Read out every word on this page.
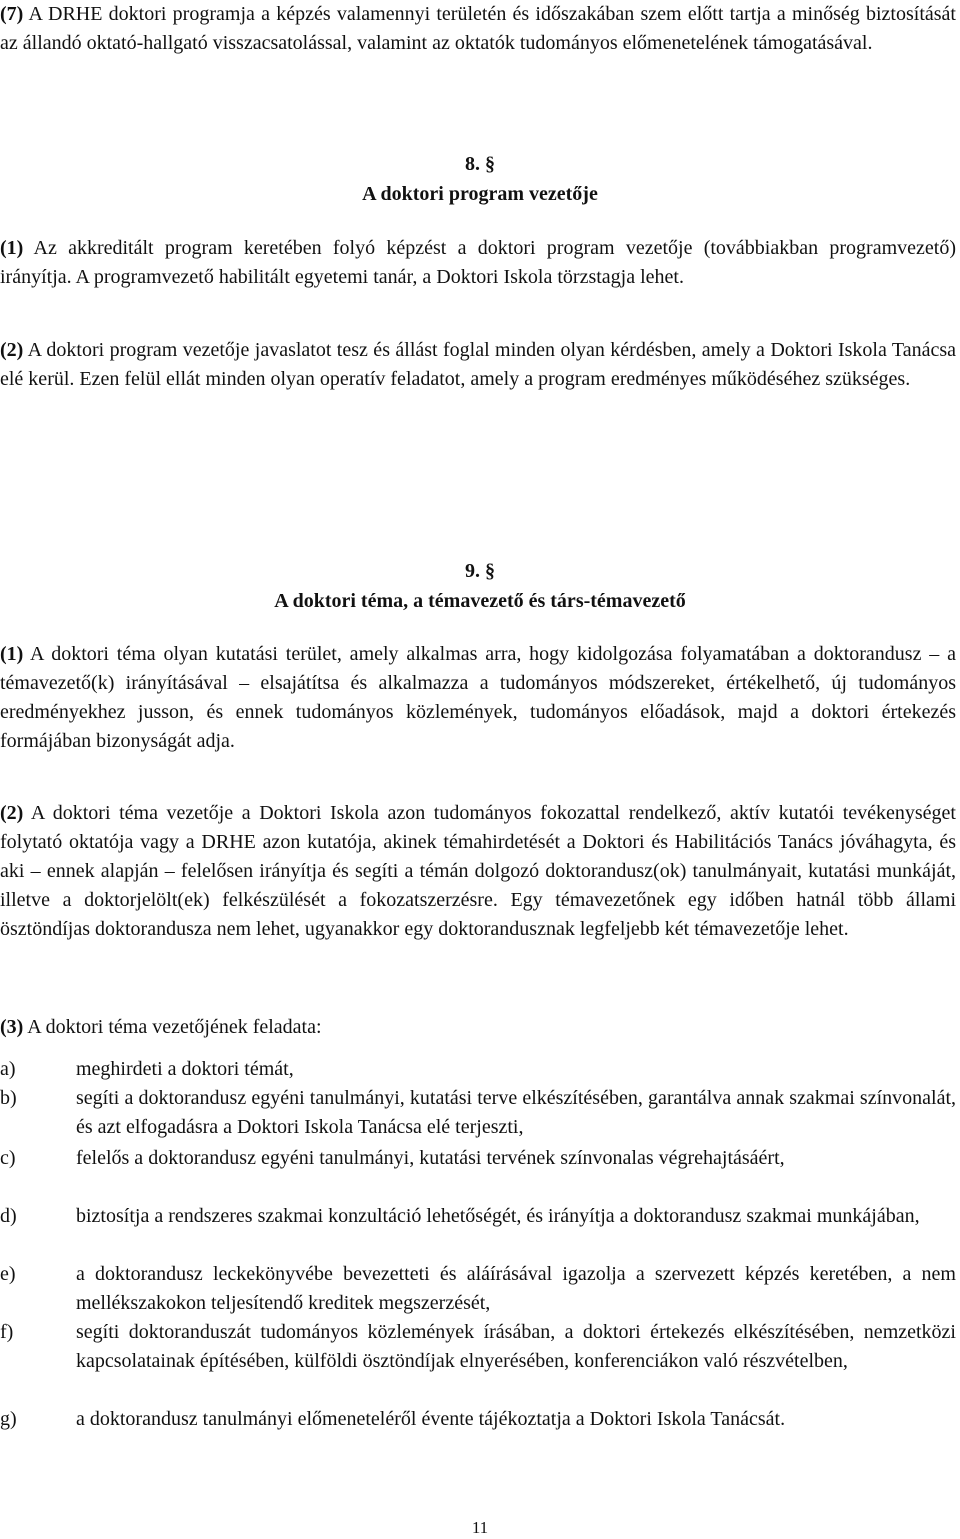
(7) A DRHE doktori programja a képzés valamennyi területén és időszakában szem előtt tartja a minőség biztosítását az állandó oktató-hallgató visszacsatolással, valamint az oktatók tudományos előmenetelének támogatásával.

8. §
A doktori program vezetője

(1) Az akkreditált program keretében folyó képzést a doktori program vezetője (továbbiakban programvezető) irányítja. A programvezető habilitált egyetemi tanár, a Doktori Iskola törzstagja lehet.

(2) A doktori program vezetője javaslatot tesz és állást foglal minden olyan kérdésben, amely a Doktori Iskola Tanácsa elé kerül. Ezen felül ellát minden olyan operatív feladatot, amely a program eredményes működéséhez szükséges.

9. §
A doktori téma, a témavezető és társ-témavezető

(1) A doktori téma olyan kutatási terület, amely alkalmas arra, hogy kidolgozása folyamatában a doktorandusz – a témavezető(k) irányításával – elsajátítsa és alkalmazza a tudományos módszereket, értékelhető, új tudományos eredményekhez jusson, és ennek tudományos közlemények, tudományos előadások, majd a doktori értekezés formájában bizonyságát adja.

(2) A doktori téma vezetője a Doktori Iskola azon tudományos fokozattal rendelkező, aktív kutatói tevékenységet folytató oktatója vagy a DRHE azon kutatója, akinek témahirdetését a Doktori és Habilitációs Tanács jóváhagyta, és aki – ennek alapján – felelősen irányítja és segíti a témán dolgozó doktorandusz(ok) tanulmányait, kutatási munkáját, illetve a doktorjelölt(ek) felkészülését a fokozatszerzésre. Egy témavezetőnek egy időben hatnál több állami ösztöndíjas doktorandusza nem lehet, ugyanakkor egy doktorandusznak legfeljebb két témavezetője lehet.

(3) A doktori téma vezetőjének feladata:

a)	meghirdeti a doktori témát,
b)	segíti a doktorandusz egyéni tanulmányi, kutatási terve elkészítésében, garantálva annak szakmai színvonalát, és azt elfogadásra a Doktori Iskola Tanácsa elé terjeszti,
c)	felelős a doktorandusz egyéni tanulmányi, kutatási tervének színvonalas végrehajtásáért,
d)	biztosítja a rendszeres szakmai konzultáció lehetőségét, és irányítja a doktorandusz szakmai munkájában,
e)	a doktorandusz leckekönyvébe bevezetteti és aláírásával igazolja a szervezett képzés keretében, a nem mellékszakokon teljesítendő kreditek megszerzését,
f)	segíti doktoranduszát tudományos közlemények írásában, a doktori értekezés elkészítésében, nemzetközi kapcsolatainak építésében, külföldi ösztöndíjak elnyerésében, konferenciákon való részvételben,
g)	a doktorandusz tanulmányi előmeneteléről évente tájékoztatja a Doktori Iskola Tanácsát.
11
